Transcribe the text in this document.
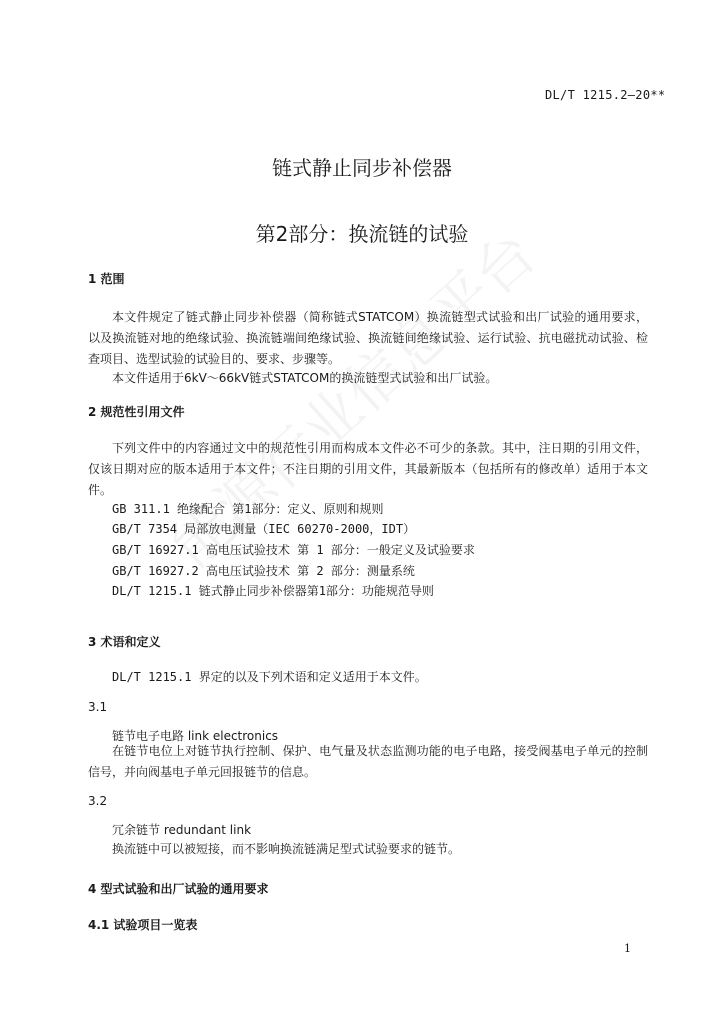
DL/T 1215.2—20**
链式静止同步补偿器
第2部分：换流链的试验
1 范围
本文件规定了链式静止同步补偿器（简称链式STATCOM）换流链型式试验和出厂试验的通用要求，以及换流链对地的绝缘试验、换流链端间绝缘试验、换流链间绝缘试验、运行试验、抗电磁扰动试验、检查项目、选型试验的试验目的、要求、步骤等。
本文件适用于6kV～66kV链式STATCOM的换流链型式试验和出厂试验。
2 规范性引用文件
下列文件中的内容通过文中的规范性引用而构成本文件必不可少的条款。其中，注日期的引用文件，仅该日期对应的版本适用于本文件；不注日期的引用文件，其最新版本（包括所有的修改单）适用于本文件。
GB 311.1 绝缘配合 第1部分：定义、原则和规则
GB/T 7354 局部放电测量（IEC 60270-2000，IDT）
GB/T 16927.1 高电压试验技术 第 1 部分：一般定义及试验要求
GB/T 16927.2 高电压试验技术 第 2 部分：测量系统
DL/T 1215.1 链式静止同步补偿器第1部分：功能规范导则
3 术语和定义
DL/T 1215.1 界定的以及下列术语和定义适用于本文件。
3.1
链节电子电路 link electronics
在链节电位上对链节执行控制、保护、电气量及状态监测功能的电子电路，接受阀基电子单元的控制信号，并向阀基电子单元回报链节的信息。
3.2
冗余链节 redundant link
换流链中可以被短接，而不影响换流链满足型式试验要求的链节。
4 型式试验和出厂试验的通用要求
4.1 试验项目一览表
1
